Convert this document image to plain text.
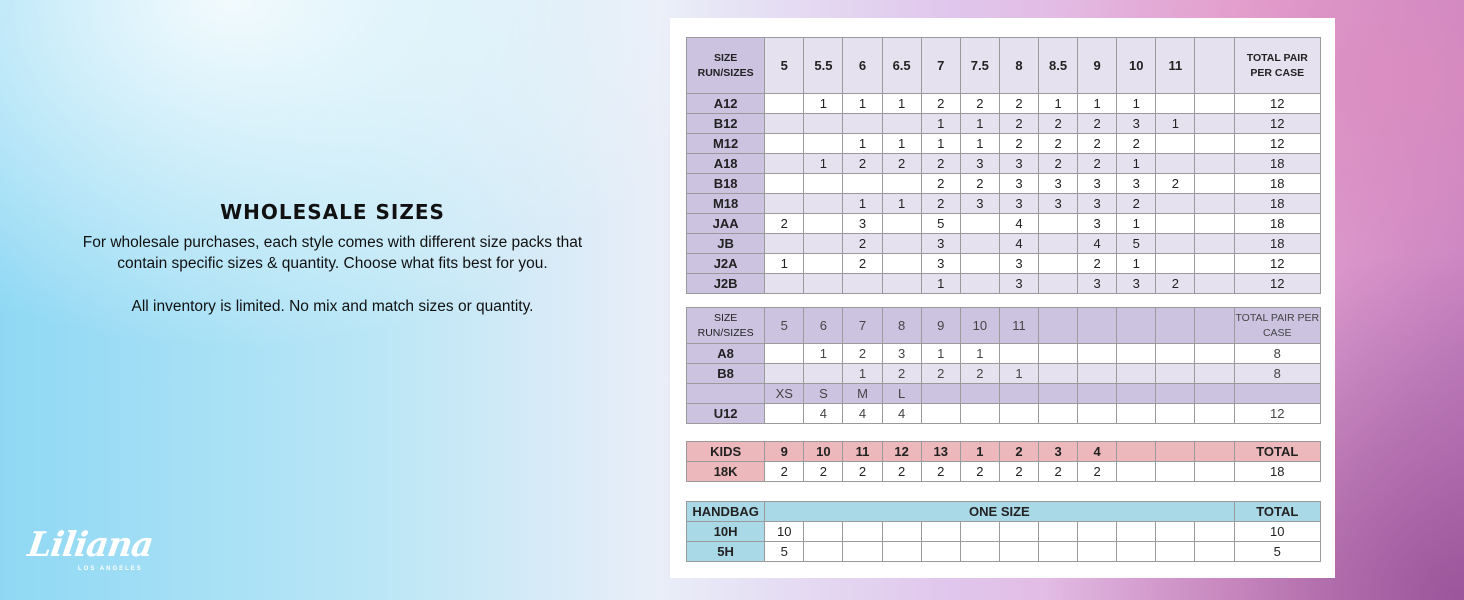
WHOLESALE SIZES

For wholesale purchases, each style comes with different size packs that contain specific sizes & quantity. Choose what fits best for you.

All inventory is limited. No mix and match sizes or quantity.

Liliana
LOS ANGELES
SIZE RUN/SIZES	5	5.5	6	6.5	7	7.5	8	8.5	9	10	11		TOTAL PAIR PER CASE
A12		1	1	1	2	2	2	1	1	1			12
B12					1	1	2	2	2	3	1		12
M12			1	1	1	1	2	2	2	2			12
A18		1	2	2	2	3	3	2	2	1			18
B18					2	2	3	3	3	3	2		18
M18			1	1	2	3	3	3	3	2			18
JAA	2		3		5		4		3	1			18
JB			2		3		4		4	5			18
J2A	1		2		3		3		2	1			12
J2B					1		3		3	3	2		12
SIZE RUN/SIZES	5	6	7	8	9	10	11						TOTAL PAIR PER CASE
A8		1	2	3	1	1							8
B8			1	2	2	2	1						8
	XS	S	M	L									
U12		4	4	4									12
KIDS	9	10	11	12	13	1	2	3	4				TOTAL
18K	2	2	2	2	2	2	2	2	2				18
HANDBAG	ONE SIZE												TOTAL
10H	10												10
5H	5												5
